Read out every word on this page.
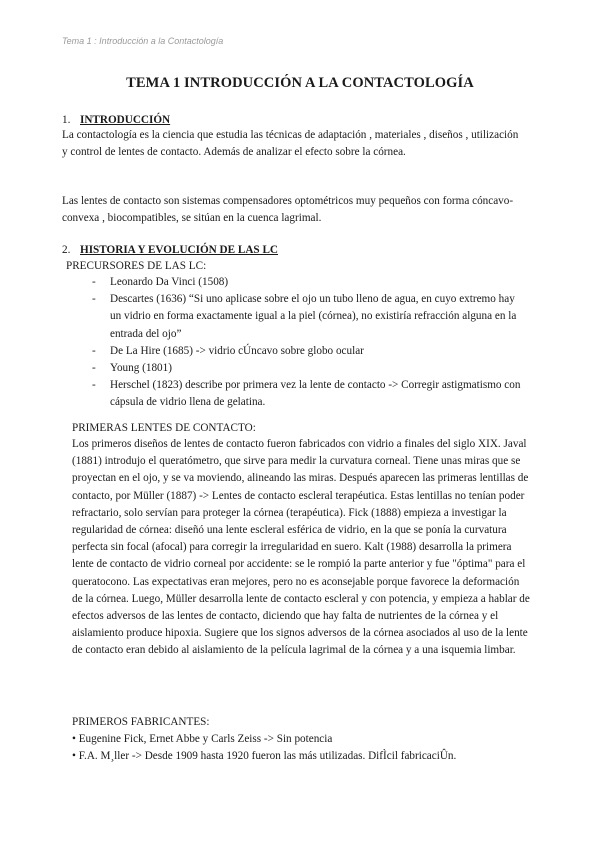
Tema 1 : Introducción a la Contactología
TEMA 1 INTRODUCCIÓN A LA CONTACTOLOGÍA
1. INTRODUCCIÓN

La contactología es la ciencia que estudia las técnicas de adaptación , materiales , diseños , utilización y control de lentes de contacto. Además de analizar el efecto sobre la córnea.

Las lentes de contacto son sistemas compensadores optométricos muy pequeños con forma cóncavo-convexa , biocompatibles, se sitúan en la cuenca lagrimal.

2. HISTORIA Y EVOLUCIÓN DE LAS LC
PRECURSORES DE LAS LC:
- Leonardo Da Vinci (1508)
- Descartes (1636) “Si uno aplicase sobre el ojo un tubo lleno de agua, en cuyo extremo hay un vidrio en forma exactamente igual a la piel (córnea), no existiría refracción alguna en la entrada del ojo”
- De La Hire (1685) -> vidrio cÚncavo sobre globo ocular
- Young (1801)
- Herschel (1823) describe por primera vez la lente de contacto -> Corregir astigmatismo con cápsula de vidrio llena de gelatina.
PRIMERAS LENTES DE CONTACTO:

Los primeros diseños de lentes de contacto fueron fabricados con vidrio a finales del siglo XIX. Javal (1881) introdujo el queratómetro, que sirve para medir la curvatura corneal. Tiene unas miras que se proyectan en el ojo, y se va moviendo, alineando las miras. Después aparecen las primeras lentillas de contacto, por Müller (1887) -> Lentes de contacto escleral terapéutica. Estas lentillas no tenían poder refractario, solo servían para proteger la córnea (terapéutica). Fick (1888) empieza a investigar la regularidad de córnea: diseñó una lente escleral esférica de vidrio, en la que se ponía la curvatura perfecta sin focal (afocal) para corregir la irregularidad en suero. Kalt (1988) desarrolla la primera lente de contacto de vidrio corneal por accidente: se le rompió la parte anterior y fue "óptima" para el queratocono. Las expectativas eran mejores, pero no es aconsejable porque favorece la deformación de la córnea. Luego, Müller desarrolla lente de contacto escleral y con potencia, y empieza a hablar de efectos adversos de las lentes de contacto, diciendo que hay falta de nutrientes de la córnea y el aislamiento produce hipoxia. Sugiere que los signos adversos de la córnea asociados al uso de la lente de contacto eran debido al aislamiento de la película lagrimal de la córnea y a una isquemia limbar.

PRIMEROS FABRICANTES:
• Eugenine Fick, Ernet Abbe y Carls Zeiss -> Sin potencia
• F.A. M¸ller -> Desde 1909 hasta 1920 fueron las más utilizadas. DifÌcil fabricaciÛn.
